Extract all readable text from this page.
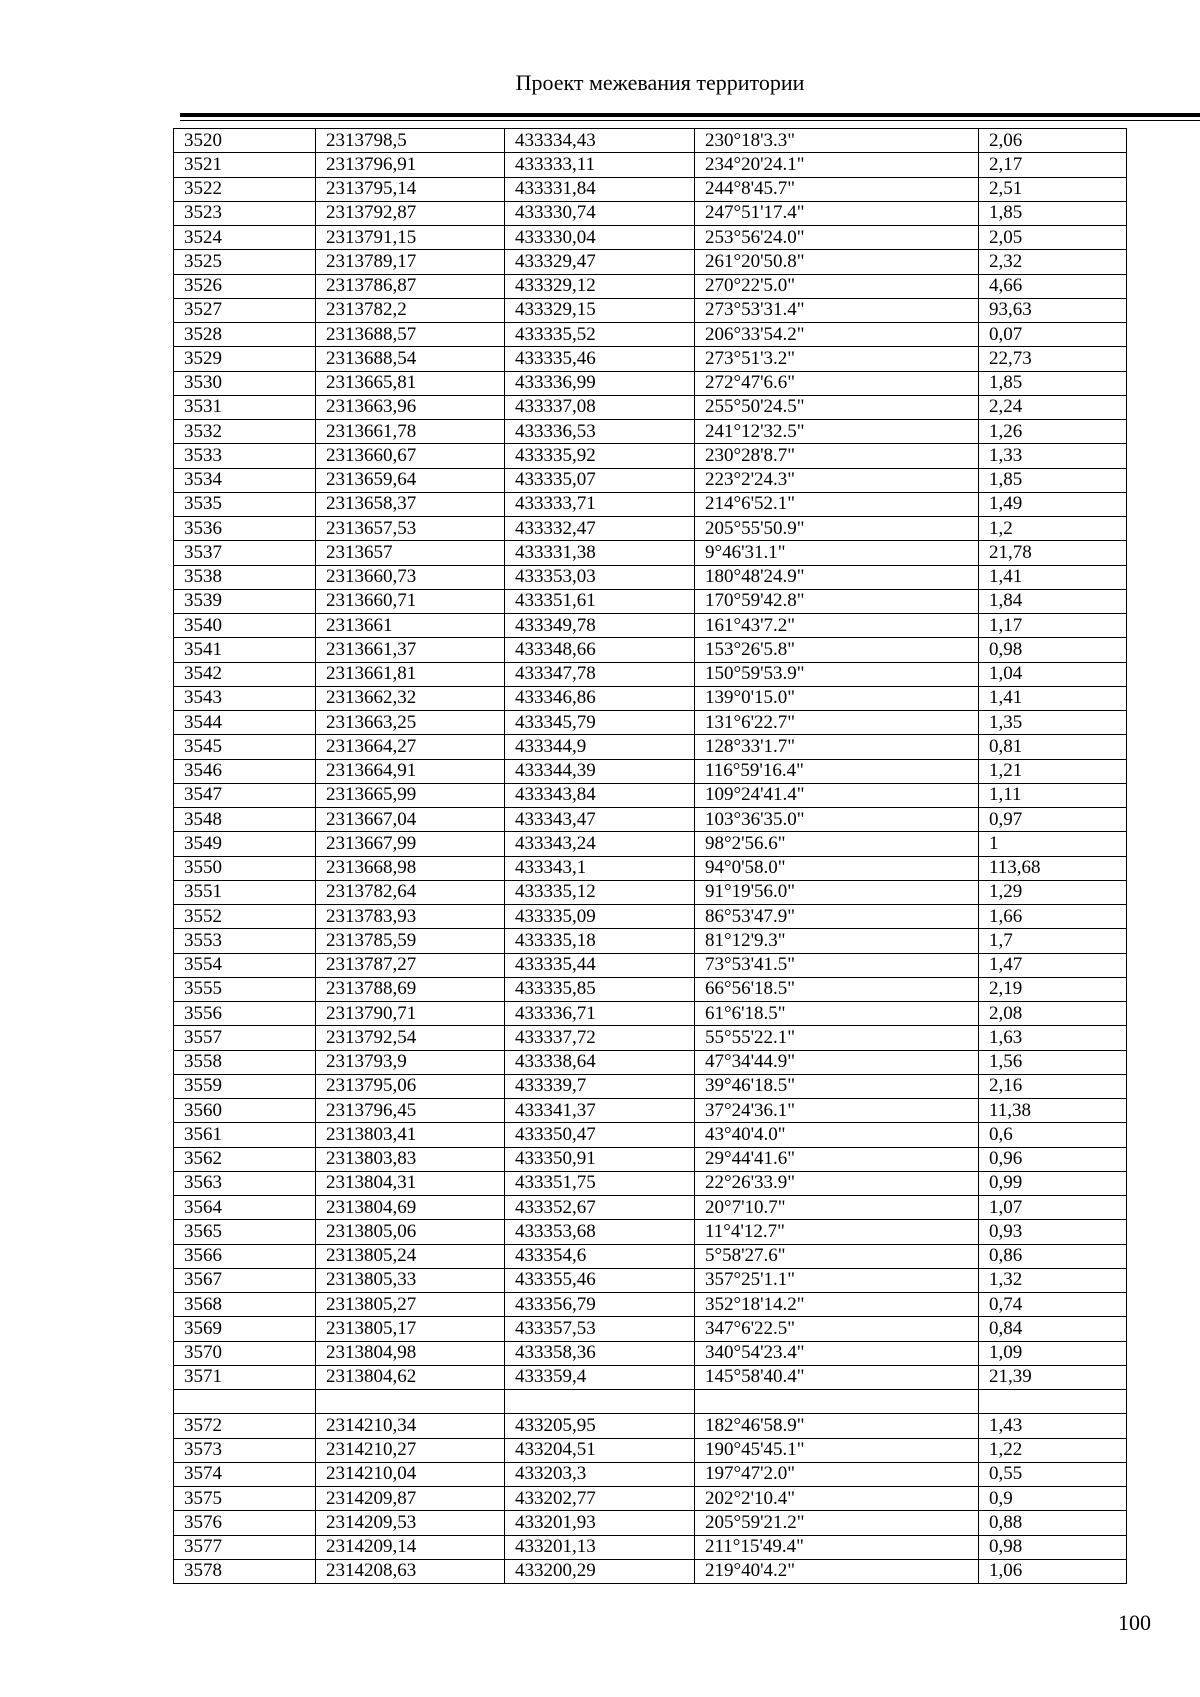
Проект межевания территории
3520	2313798,5	433334,43	230°18'3.3"	2,06
3521	2313796,91	433333,11	234°20'24.1"	2,17
3522	2313795,14	433331,84	244°8'45.7"	2,51
3523	2313792,87	433330,74	247°51'17.4"	1,85
3524	2313791,15	433330,04	253°56'24.0"	2,05
3525	2313789,17	433329,47	261°20'50.8"	2,32
3526	2313786,87	433329,12	270°22'5.0"	4,66
3527	2313782,2	433329,15	273°53'31.4"	93,63
3528	2313688,57	433335,52	206°33'54.2"	0,07
3529	2313688,54	433335,46	273°51'3.2"	22,73
3530	2313665,81	433336,99	272°47'6.6"	1,85
3531	2313663,96	433337,08	255°50'24.5"	2,24
3532	2313661,78	433336,53	241°12'32.5"	1,26
3533	2313660,67	433335,92	230°28'8.7"	1,33
3534	2313659,64	433335,07	223°2'24.3"	1,85
3535	2313658,37	433333,71	214°6'52.1"	1,49
3536	2313657,53	433332,47	205°55'50.9"	1,2
3537	2313657	433331,38	9°46'31.1"	21,78
3538	2313660,73	433353,03	180°48'24.9"	1,41
3539	2313660,71	433351,61	170°59'42.8"	1,84
3540	2313661	433349,78	161°43'7.2"	1,17
3541	2313661,37	433348,66	153°26'5.8"	0,98
3542	2313661,81	433347,78	150°59'53.9"	1,04
3543	2313662,32	433346,86	139°0'15.0"	1,41
3544	2313663,25	433345,79	131°6'22.7"	1,35
3545	2313664,27	433344,9	128°33'1.7"	0,81
3546	2313664,91	433344,39	116°59'16.4"	1,21
3547	2313665,99	433343,84	109°24'41.4"	1,11
3548	2313667,04	433343,47	103°36'35.0"	0,97
3549	2313667,99	433343,24	98°2'56.6"	1
3550	2313668,98	433343,1	94°0'58.0"	113,68
3551	2313782,64	433335,12	91°19'56.0"	1,29
3552	2313783,93	433335,09	86°53'47.9"	1,66
3553	2313785,59	433335,18	81°12'9.3"	1,7
3554	2313787,27	433335,44	73°53'41.5"	1,47
3555	2313788,69	433335,85	66°56'18.5"	2,19
3556	2313790,71	433336,71	61°6'18.5"	2,08
3557	2313792,54	433337,72	55°55'22.1"	1,63
3558	2313793,9	433338,64	47°34'44.9"	1,56
3559	2313795,06	433339,7	39°46'18.5"	2,16
3560	2313796,45	433341,37	37°24'36.1"	11,38
3561	2313803,41	433350,47	43°40'4.0"	0,6
3562	2313803,83	433350,91	29°44'41.6"	0,96
3563	2313804,31	433351,75	22°26'33.9"	0,99
3564	2313804,69	433352,67	20°7'10.7"	1,07
3565	2313805,06	433353,68	11°4'12.7"	0,93
3566	2313805,24	433354,6	5°58'27.6"	0,86
3567	2313805,33	433355,46	357°25'1.1"	1,32
3568	2313805,27	433356,79	352°18'14.2"	0,74
3569	2313805,17	433357,53	347°6'22.5"	0,84
3570	2313804,98	433358,36	340°54'23.4"	1,09
3571	2313804,62	433359,4	145°58'40.4"	21,39

3572	2314210,34	433205,95	182°46'58.9"	1,43
3573	2314210,27	433204,51	190°45'45.1"	1,22
3574	2314210,04	433203,3	197°47'2.0"	0,55
3575	2314209,87	433202,77	202°2'10.4"	0,9
3576	2314209,53	433201,93	205°59'21.2"	0,88
3577	2314209,14	433201,13	211°15'49.4"	0,98
3578	2314208,63	433200,29	219°40'4.2"	1,06
100
